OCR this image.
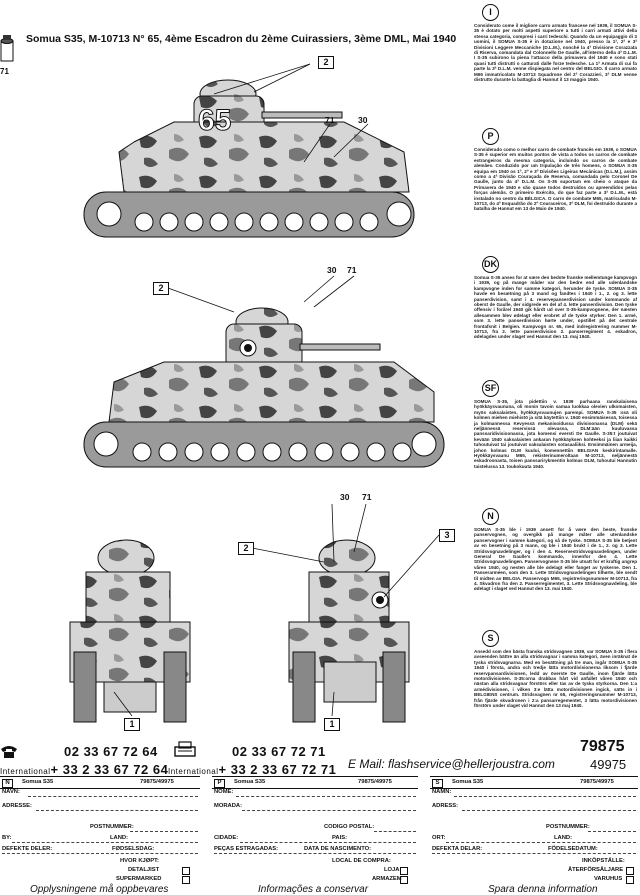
71
Somua S35, M-10713 N° 65, 4ème Escadron du 2ème Cuirassiers, 3ème DML, Mai 1940
65
2
71	30
2
30 71
30 71
2
3
1	1
I
Considerato come il migliore carro armato francese nel 1939, il SOMUA S-35 è dotato per molti aspetti superiore a tutti i carri armati attivi della stessa categoria, compresi i carri tedeschi. Quando da un equipaggio di 3 uomini, il SOMUA S-35 è in dotazione nel 1940, presso la 1ª, 2ª e 3ª Divisioni Leggere Meccaniche (D.L.M.), nonché la 4ª Divisione Corazzata di Riserva, comandata dal Colonnello De Gaulle, all'interno della 4ª D.L.M. I S-35 subirono la piena l'attacco della primavera del 1940 e sono stati quasi tutti distrutti o catturati dalle forze tedesche. La 1ª Armata di cui fa parte la 3ª D.L.M. venne dispiegata nel centro del BELGIO. Il carro armato M65 immatricolato M-10713 Squadrone del 2ª Corazzieri, 3ª DLM venne distrutto durante la battaglia di Hannut il 13 maggio 1940.
P
Considerado como o melhor carro de combate francês em 1939, o SOMUA S-35 é superior em muitos pontos de vista a todos os carros de combate estrangeiros da mesma categoria, incluindo os carros de combate alemães. Conduzido por um tripulação de três homens, o SOMUA S-35 equipa em 1940 os 1º, 2º e 3º Divisões Ligeiras Mecânicas (D.L.M.), assim como a 4ª Divisão Couraçada de Reserva, comandada pelo Coronel De Gaulle, junto da 4ª D.L.M. Os S-35 suportam em cheio o ataque da Primavera de 1940 e são quase todos destruídos ou apreendidos pelas forças alemãs. O primeiro Exército, do que faz parte a 3ª D.L.M., está instalado no centro da BÉLGICA. O carro de combate M65, matriculado M-10713, do 4º Esquadrão do 2º Couraceiros, 3º DLM, foi destruído durante a batalha de Hannut em 13 de Maio de 1940.
DK
Somua S-35 anses for at være den bedste franske mellemtunge kampvogn i 1939, og på mange måder var den bedre end alle udenlandske kampvogne inden for samme kategori, herunder de tyske. SOMUA S-35 havde en besætning på 3 mand og fandtes i 1940 i 1., 2. og 3. lette panserdivision, samt i 4. reservepanserdivision under kommando af oberst de Gaulle, der sidgrede en del af 4. lette panserdivision. Den tyske offensiv i forårel 1940 gik hårdt ud over S-35-kampvognene, der næsten allesammen blev ødelagt eller erobret af de tyske styrker. Den 1. armé, som 3. lette panserdivision hørte under, opstillet på det centrale frontafsnit i Belgien. Kampvogn nr. 65, med indregistrering nummer M-10713, fra 2. lette panserdivision 2. panserregiment 4. eskadron, ødelagdes under slaget ved Hannut den 13. maj 1940.
SF
SOMUA S-35, jota pidettiin v. 1939 parhaana ranskalaisena hyökkäysvaununa, oli monin tavoin samaa luokkaa olevien ulkomaisten, myös saksalaisten, hyökkäysvaunujen parempi. SOMUA S-35 :ssä oli kolmen miehen miehistö ja sitä käytettiin v. 1940 ensimmäisessä, toisessa ja kolmannessa Kevyessä mekanisoidussa divisioonassa (DLM) sekä neljännessä reservissä olevassa, DLM:ään kuuluvassa panssaridivisioonassa, jota komensi eversti De Gaulle. S-35:t joutuivat kevään 1940 saksalaisten ankaran hyökkäyksen kohteeksi ja liian kaikki tuhoutuivat tai joutuivat saksalaisten sotasaaliiksi. Ensimmäinen armeija, johon kolmas DLM kuului, komennettiin BELGIAN keskirintamalle. Hyökkäysvaunu M65, rekisterinumeroltaan M-10713, neljännestä eskadroonasta, toisen panssarirykmentin kolmas DLM, tuhoutui Hannutin taistelussa 13. toukokuuta 1940.
N
SOMUA S-35 ble i 1939 ansett for å være den beste, franske panservognen, og overgikk på mange måter alle utenlandske panservogner i samme kategori, og så de tyske. SOMUA S-35 ble betjent av en besetning på 3 mann, og ble i 1940 brukt i de 1., 2. og 3. Lette Stridsvognavdelinger, og i den 4. Reservestridsvognavdelingen, under General De Gaulle's kommando, innenfor den 4. Lette Stridsvognavdelingen. Panservognene S-35 ble utsatt for et kraftig angrep våren 1940, og nesten alle ble ødelagt eller fanget av tyskerne. Den 1. Panserarméen, som den 3. Lette Stridsvognavdelingen tilhørte, ble sendt til midten av BELGIA. Panservogn M65, registreringsnummer M-10713, fra 4. Skvadron fra den 2. Panserregimentet, 3. Lette Stridsvognavdeling, ble ødelagt i slaget ved Hannut den 13. mai 1940.
S
Ansedd som den bästa franska stridsvagnen 1939, var SOMUA S-35 i flera avseenden bättre än alla stridsvagnar i samma kategori, även inräknat de tyska stridsvagnarna. Med en besättning på tre man, ingår SOMUA S-35 1940 i första, andra och tredje lätta motordivisionerna liksom i fjärde reservpansardivisionen, ledd av överste De Gaulle, inom fjärde lätta motordivisionen. S-35:orna drabbas hårt vid anfallet våren 1940 och nästan alla stridsvagnar förstörs eller tas av de tyska styrkorna. Den 1:a armédivisionen, i vilken 3:e lätta motordivisionen ingick, sätts in i BELGIENS centrum. Stridsvagnen nr 65, registreringsnummer M-10713, från fjärde skvadronen i 2:a pansarregementet, 3 lätta motordivisionen förstörs under slaget vid Hannut den 13 maj 1940.
02 33 67 72 64
International+ 33 2 33 67 72 64
02 33 67 72 71
International+ 33 2 33 67 72 71 E Mail: flashservice@hellerjoustra.com
79875
49975
N	Somua S35	79875/49975
NAVN:
ADRESSE:
POSTNUMMER:
BY:	LAND:
DEFEKTE DELER:	FØDSELSDAG:
HVOR KJØPT:
DETALJIST
SUPERMARKED
Opplysningene må oppbevares
P	Somua S35	79875/49975
NOME:
MORADA:
CODIGO POSTAL:
CIDADE:	PAIS:
PEÇAS ESTRAGADAS:	DATA DE NASCIMENTO:
LOCAL DE COMPRA:
LOJA
ARMAZEM
Informações a conservar
S	Somua S35	79875/49975
NAMN:
ADRESS:
POSTNUMMER:
ORT:	LAND:
DEFEKTA DELAR:	FÖDELSEDATUM:
INKÖPSTÄLLE:
ÅTERFÖRSÄLJARE
VARUHUS
Spara denna information
